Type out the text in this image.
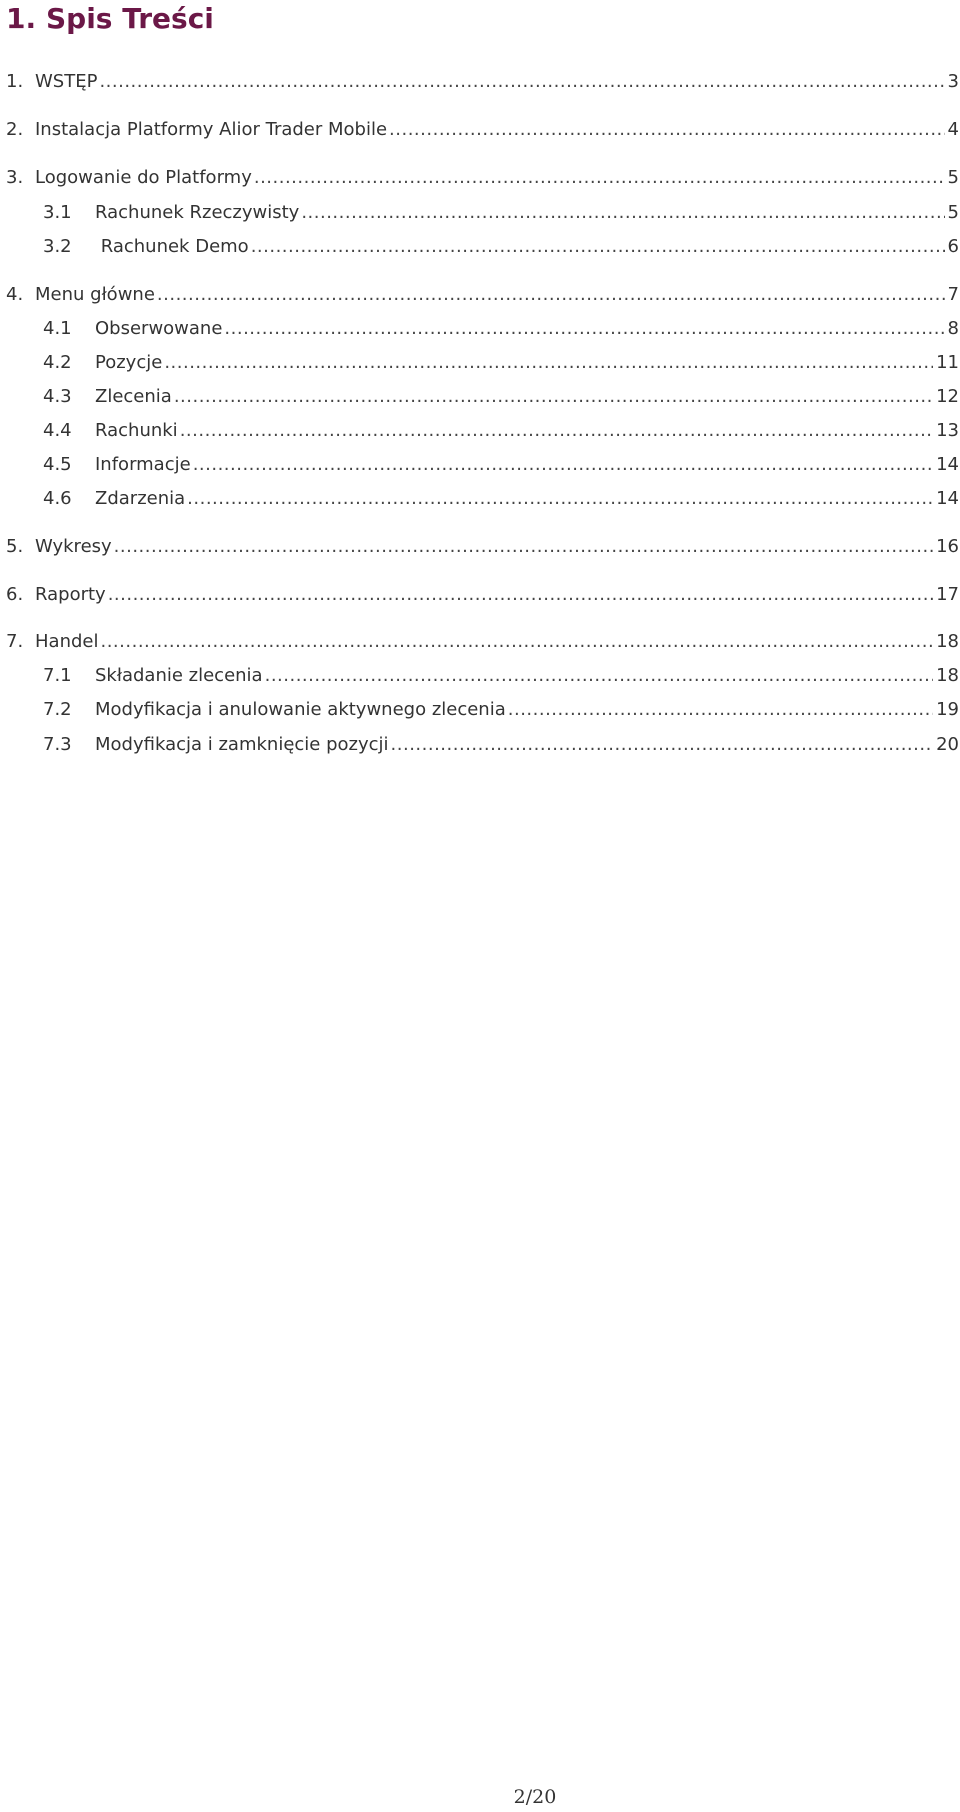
1. Spis Treści
1. WSTĘP .....	3
2. Instalacja Platformy Alior Trader Mobile .....	4
3. Logowanie do Platformy .....	5
3.1	Rachunek Rzeczywisty .....	5
3.2	Rachunek Demo .....	6
4. Menu główne .....	7
4.1	Obserwowane .....	8
4.2	Pozycje .....	11
4.3	Zlecenia .....	12
4.4	Rachunki .....	13
4.5	Informacje .....	14
4.6	Zdarzenia .....	14
5. Wykresy .....	16
6. Raporty .....	17
7. Handel .....	18
7.1	Składanie zlecenia .....	18
7.2	Modyfikacja i anulowanie aktywnego zlecenia .....	19
7.3	Modyfikacja i zamknięcie pozycji .....	20
2/20
